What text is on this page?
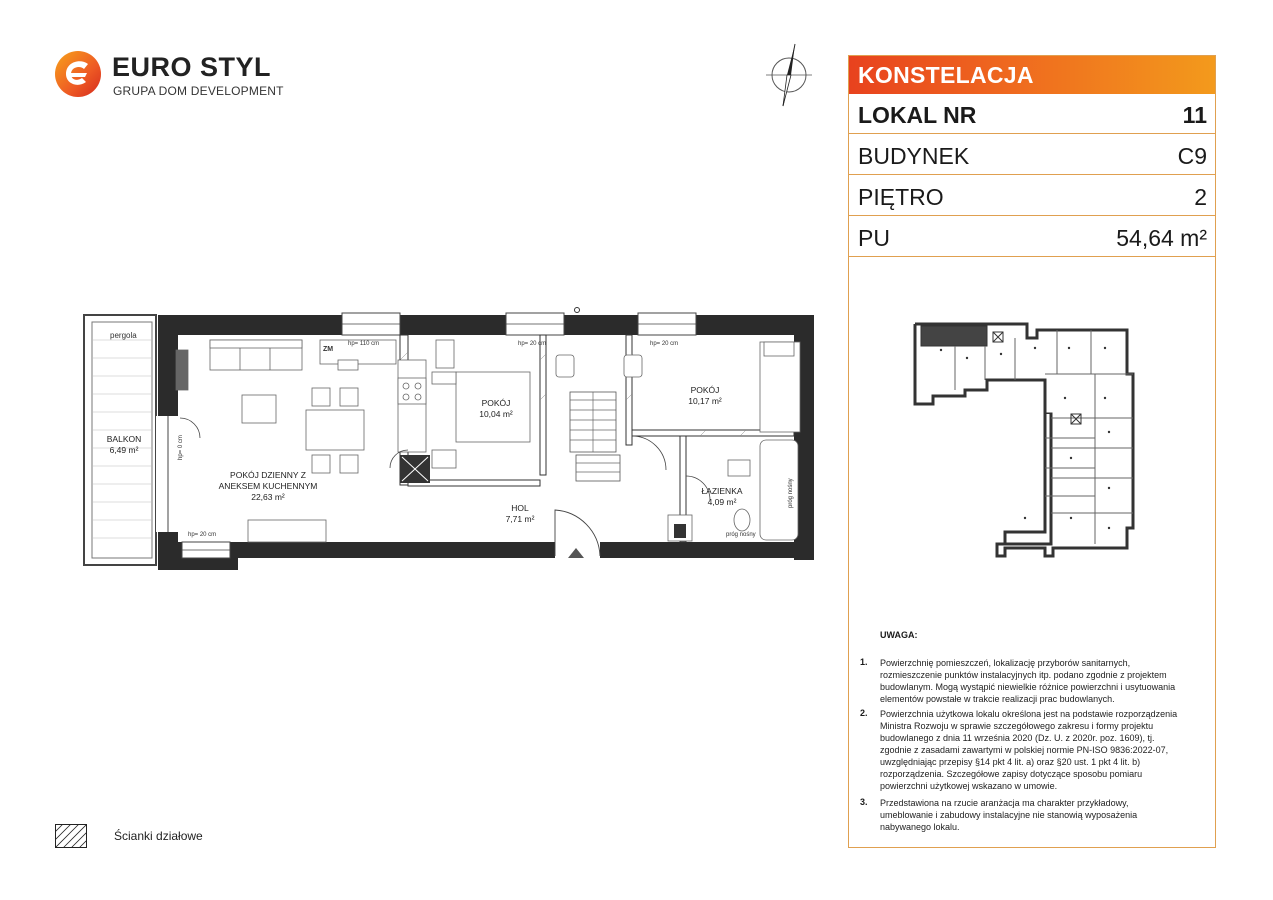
EURO STYL
GRUPA DOM DEVELOPMENT
KONSTELACJA
LOKAL NR	11
BUDYNEK	C9
PIĘTRO	2
PU	54,64 m²
UWAGA:
1. Powierzchnię pomieszczeń, lokalizację przyborów sanitarnych,
rozmieszczenie punktów instalacyjnych itp. podano zgodnie z projektem
budowlanym. Mogą wystąpić niewielkie różnice powierzchni i usytuowania
elementów powstałe w trakcie realizacji prac budowlanych.
2. Powierzchnia użytkowa lokalu określona jest na podstawie rozporządzenia
Ministra Rozwoju w sprawie szczegółowego zakresu i formy projektu
budowlanego z dnia 11 września 2020 (Dz. U. z 2020r. poz. 1609), tj.
zgodnie z zasadami zawartymi w polskiej normie PN-ISO 9836:2022-07,
uwzględniając przepisy §14 pkt 4 lit. a) oraz §20 ust. 1 pkt 4 lit. b)
rozporządzenia. Szczegółowe zapisy dotyczące sposobu pomiaru
powierzchni użytkowej wskazano w umowie.
3. Przedstawiona na rzucie aranżacja ma charakter przykładowy,
umeblowanie i zabudowy instalacyjne nie stanowią wyposażenia
nabywanego lokalu.
Ścianki działowe
POKÓJ DZIENNY Z
ANEKSEM KUCHENNYM
22,63 m²
POKÓJ
10,04 m²
POKÓJ
10,17 m²
HOL
7,71 m²
ŁAZIENKA
4,09 m²
BALKON
6,49 m²
pergola
ZM
hp= 110 cm	hp= 20 cm	hp= 20 cm
hp= 20 cm
hp= 0 cm
próg nośny
próg nośny
